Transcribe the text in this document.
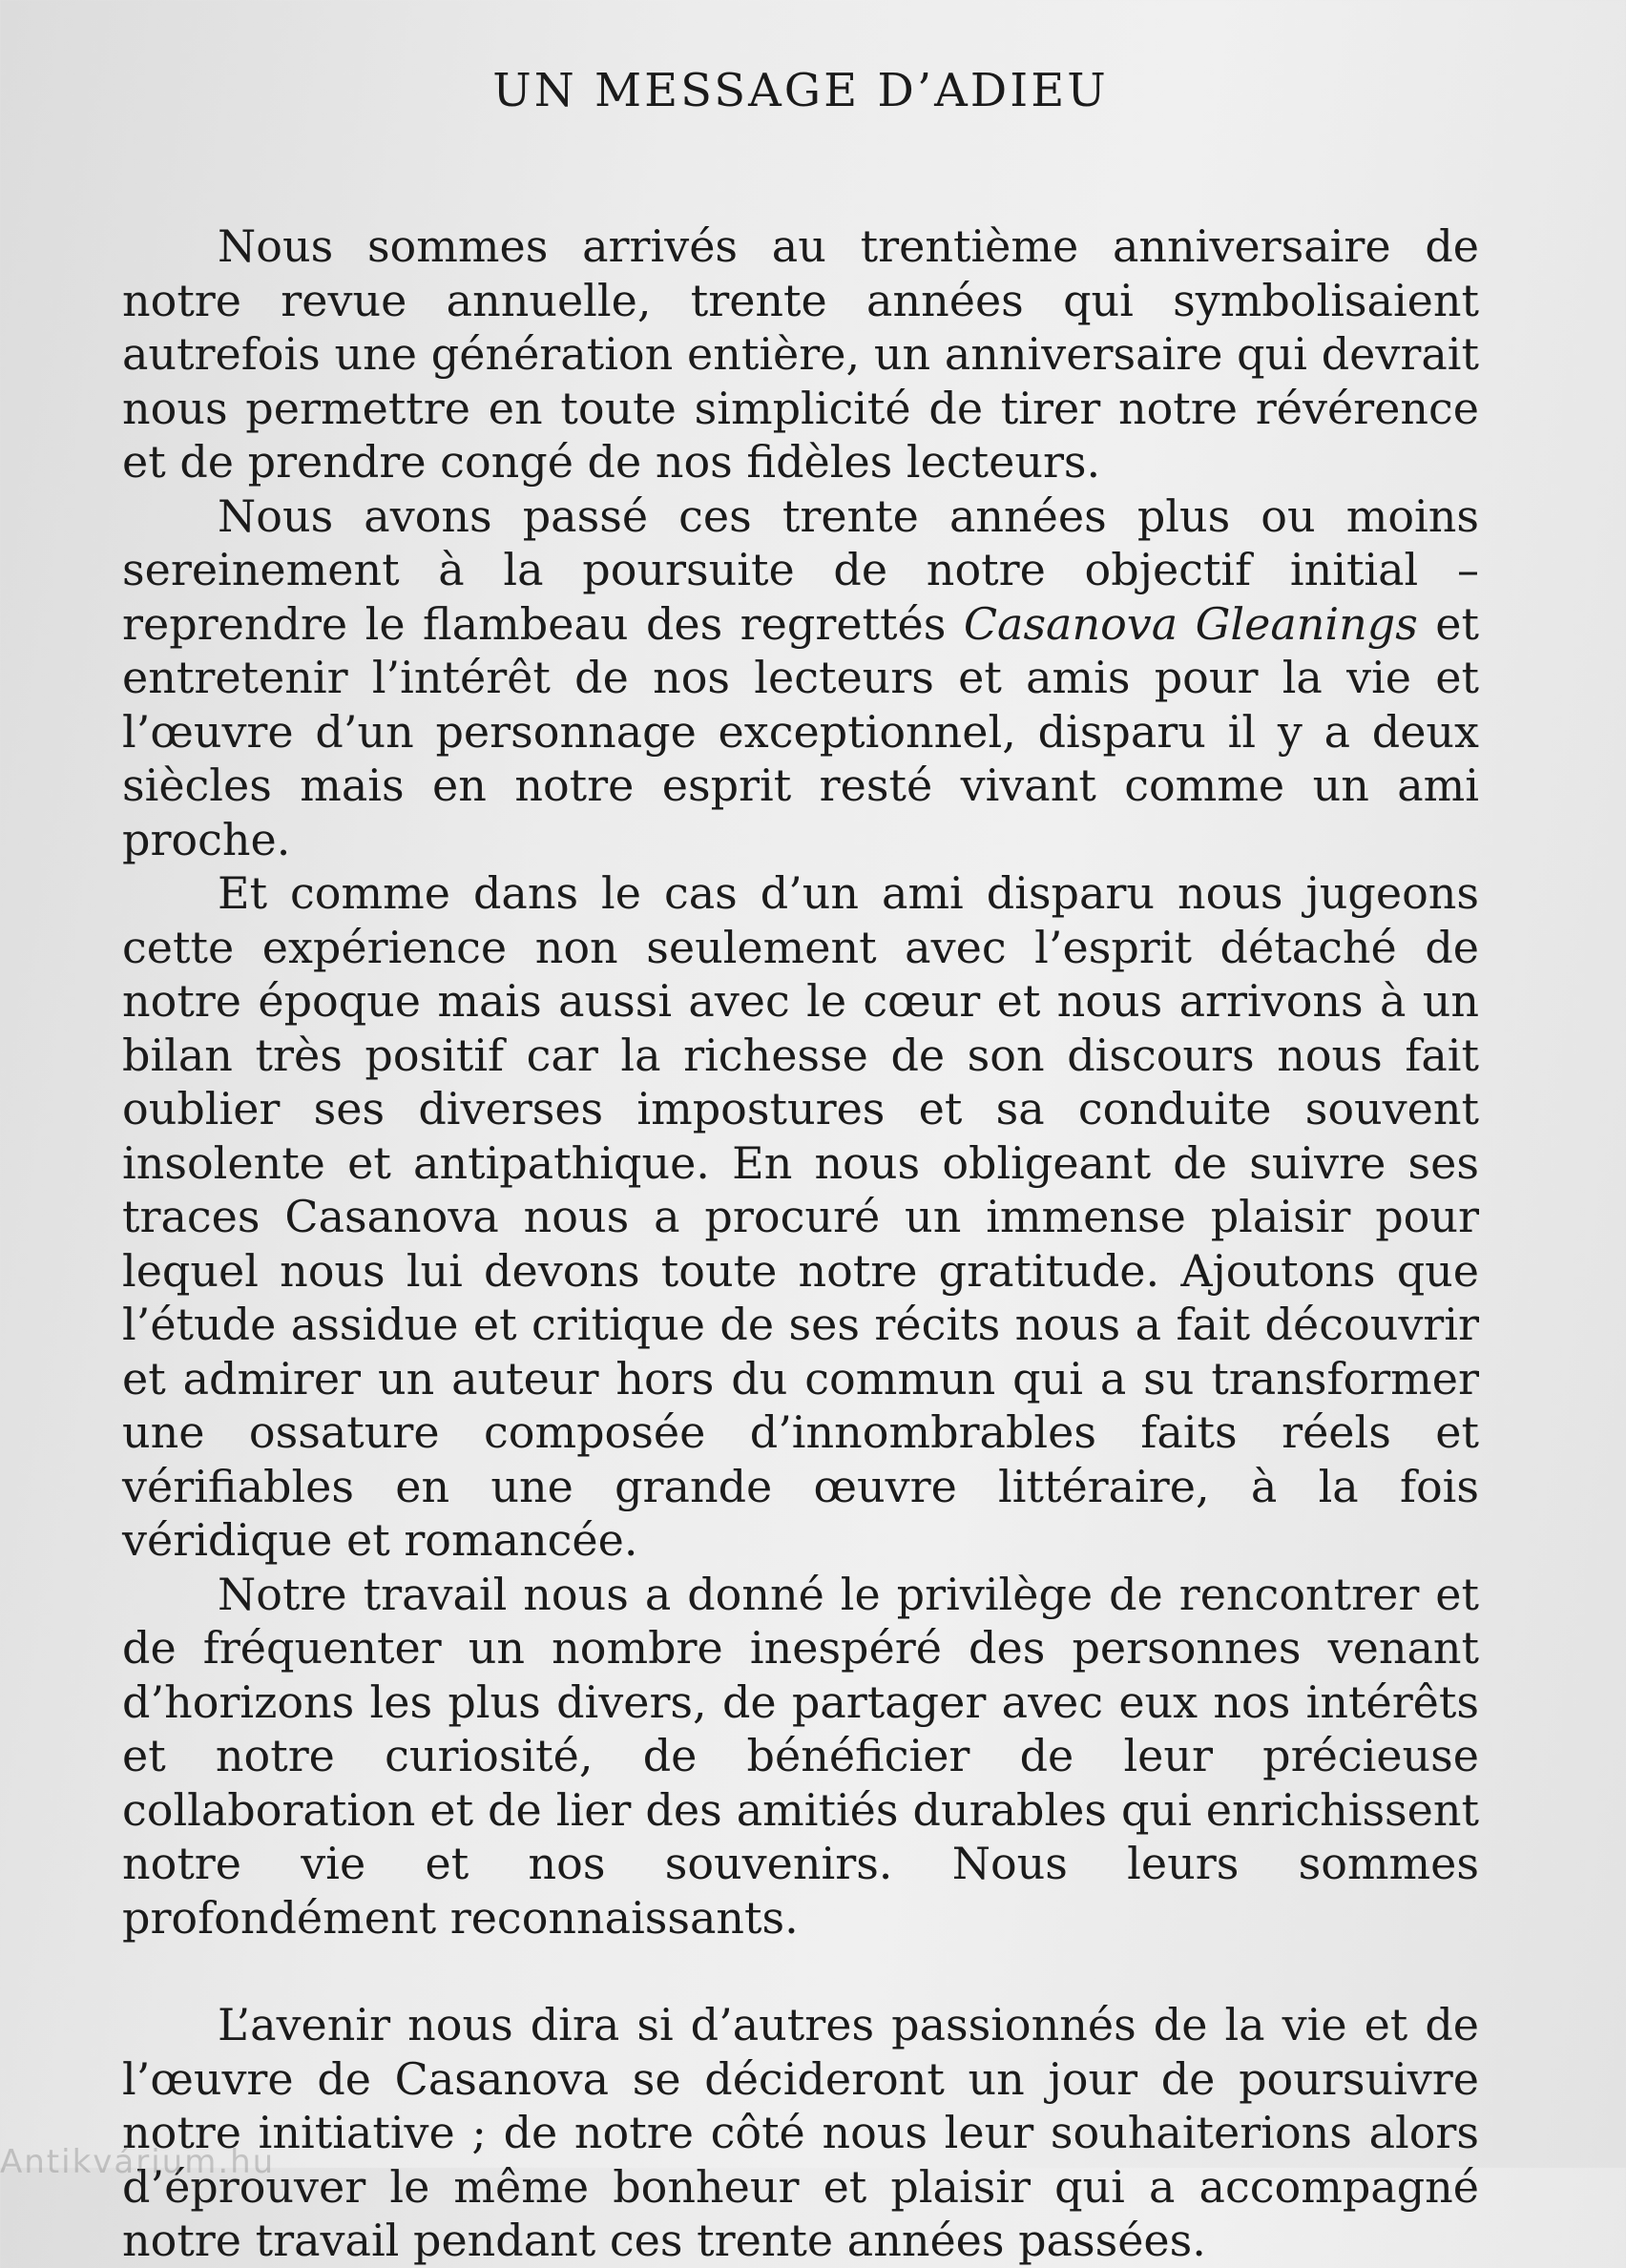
UN MESSAGE D’ADIEU

Nous sommes arrivés au trentième anniversaire de notre revue annuelle, trente années qui symbolisaient autrefois une génération entière, un anniversaire qui devrait nous permettre en toute simplicité de tirer notre révérence et de prendre congé de nos fidèles lecteurs.

Nous avons passé ces trente années plus ou moins sereinement à la poursuite de notre objectif initial – reprendre le flambeau des regrettés Casanova Gleanings et entretenir l’intérêt de nos lecteurs et amis pour la vie et l’œuvre d’un personnage exceptionnel, disparu il y a deux siècles mais en notre esprit resté vivant comme un ami proche.

Et comme dans le cas d’un ami disparu nous jugeons cette expérience non seulement avec l’esprit détaché de notre époque mais aussi avec le cœur et nous arrivons à un bilan très positif car la richesse de son discours nous fait oublier ses diverses impostures et sa conduite souvent insolente et antipathique. En nous obligeant de suivre ses traces Casanova nous a procuré un immense plaisir pour lequel nous lui devons toute notre gratitude. Ajoutons que l’étude assidue et critique de ses récits nous a fait découvrir et admirer un auteur hors du commun qui a su transformer une ossature composée d’innombrables faits réels et vérifiables en une grande œuvre littéraire, à la fois véridique et romancée.

Notre travail nous a donné le privilège de rencontrer et de fréquenter un nombre inespéré des personnes venant d’horizons les plus divers, de partager avec eux nos intérêts et notre curiosité, de bénéficier de leur précieuse collaboration et de lier des amitiés durables qui enrichissent notre vie et nos souvenirs. Nous leurs sommes profondément reconnaissants.

L’avenir nous dira si d’autres passionnés de la vie et de l’œuvre de Casanova se décideront un jour de poursuivre notre initiative ; de notre côté nous leur souhaiterions alors d’éprouver le même bonheur et plaisir qui a accompagné notre travail pendant ces trente années passées.

Antikvárium.hu
